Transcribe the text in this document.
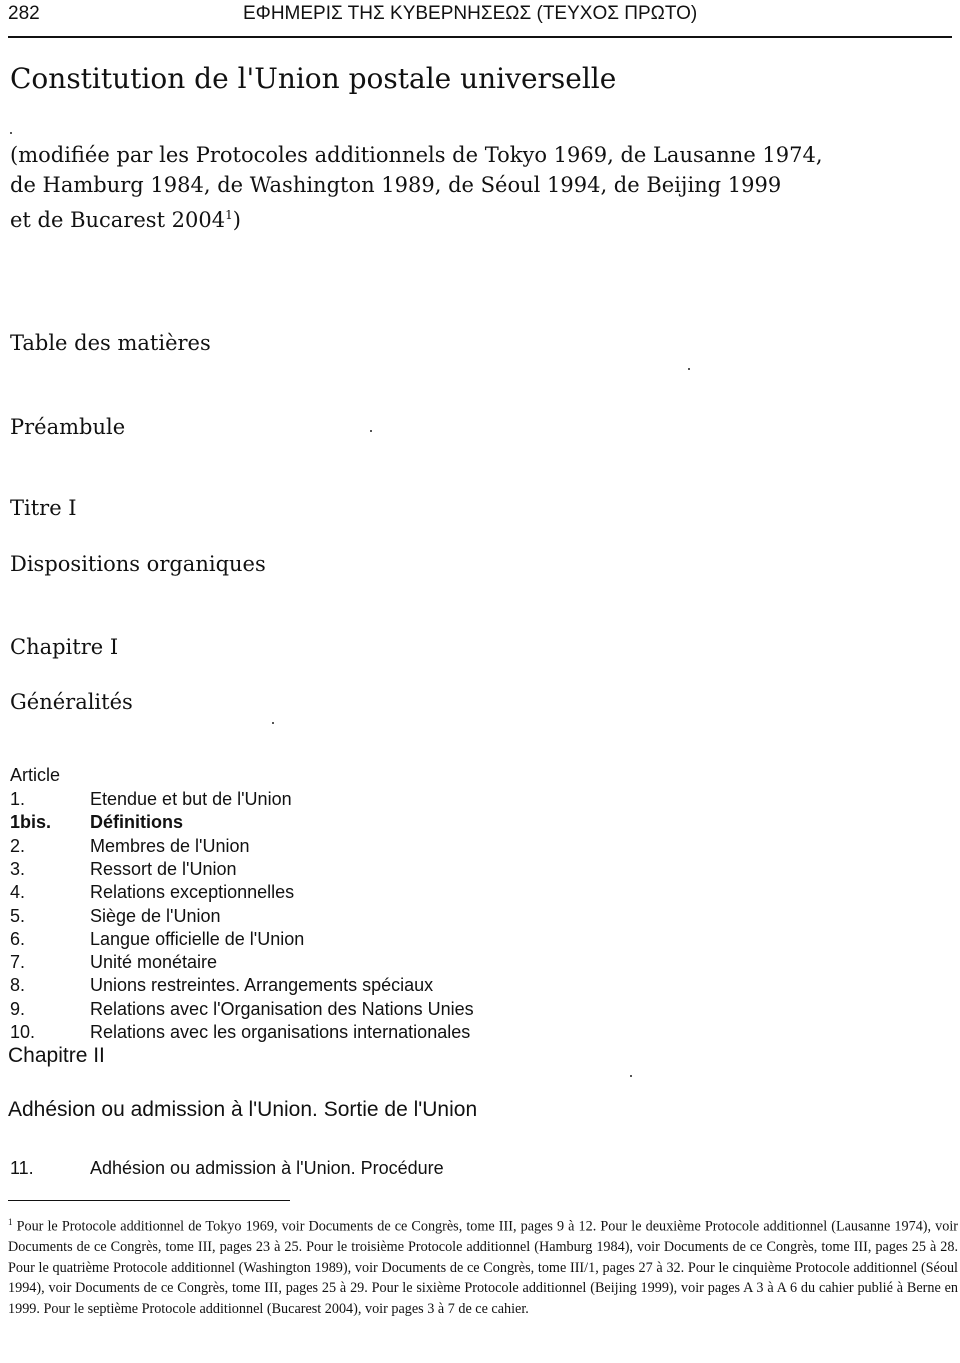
282	ΕΦΗΜΕΡΙΣ ΤΗΣ ΚΥΒΕΡΝΗΣΕΩΣ (ΤΕΥΧΟΣ ΠΡΩΤΟ)
Constitution de l'Union postale universelle
(modifiée par les Protocoles additionnels de Tokyo 1969, de Lausanne 1974,
de Hamburg 1984, de Washington 1989, de Séoul 1994, de Beijing 1999
et de Bucarest 2004$^1$)
Table des matières
Préambule
Titre I
Dispositions organiques
Chapitre I
Généralités
Article
1.	Etendue et but de l'Union
1bis. Définitions
2.	Membres de l'Union
3.	Ressort de l'Union
4.	Relations exceptionnelles
5.	Siège de l'Union
6.	Langue officielle de l'Union
7.	Unité monétaire
8.	Unions restreintes. Arrangements spéciaux
9.	Relations avec l'Organisation des Nations Unies
10.	Relations avec les organisations internationales
Chapitre II
Adhésion ou admission à l'Union. Sortie de l'Union
11.	Adhésion ou admission à l'Union. Procédure
$^1$ Pour le Protocole additionnel de Tokyo 1969, voir Documents de ce Congrès, tome III, pages 9 à 12. Pour le deuxième Protocole additionnel (Lausanne 1974), voir Documents de ce Congrès, tome III, pages 23 à 25. Pour le troisième Protocole additionnel (Hamburg 1984), voir Documents de ce Congrès, tome III, pages 25 à 28. Pour le quatrième Protocole additionnel (Washington 1989), voir Documents de ce Congrès, tome III/1, pages 27 à 32. Pour le cinquième Protocole additionnel (Séoul 1994), voir Documents de ce Congrès, tome III, pages 25 à 29. Pour le sixième Protocole additionnel (Beijing 1999), voir pages A 3 à A 6 du cahier publié à Berne en 1999. Pour le septième Protocole additionnel (Bucarest 2004), voir pages 3 à 7 de ce cahier.
